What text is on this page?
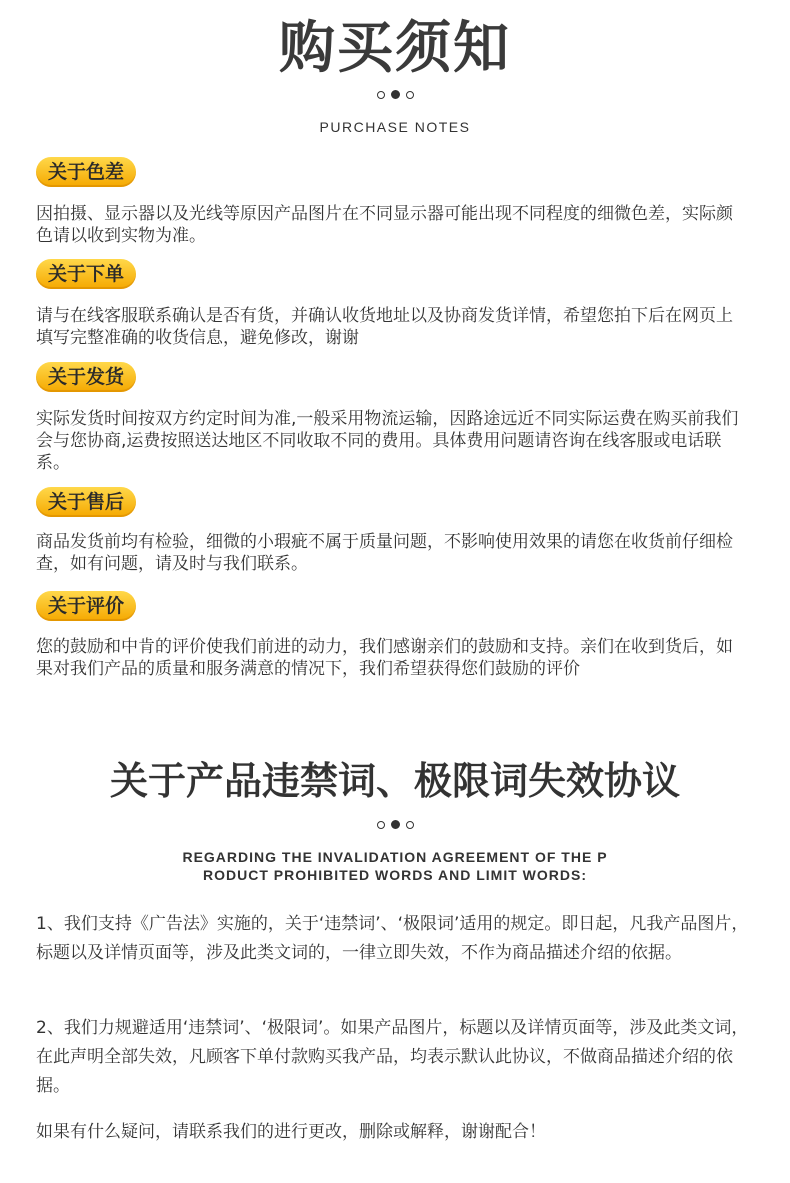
购买须知
PURCHASE NOTES
关于色差
因拍摄、显示器以及光线等原因产品图片在不同显示器可能出现不同程度的细微色差，实际颜色请以收到实物为准。
关于下单
请与在线客服联系确认是否有货，并确认收货地址以及协商发货详情，希望您拍下后在网页上填写完整准确的收货信息，避免修改，谢谢
关于发货
实际发货时间按双方约定时间为准,一般采用物流运输，因路途远近不同实际运费在购买前我们会与您协商,运费按照送达地区不同收取不同的费用。具体费用问题请咨询在线客服或电话联系。
关于售后
商品发货前均有检验，细微的小瑕疵不属于质量问题，不影响使用效果的请您在收货前仔细检查，如有问题，请及时与我们联系。
关于评价
您的鼓励和中肯的评价使我们前进的动力，我们感谢亲们的鼓励和支持。亲们在收到货后，如果对我们产品的质量和服务满意的情况下，我们希望获得您们鼓励的评价
关于产品违禁词、极限词失效协议
REGARDING THE INVALIDATION AGREEMENT OF THE P
RODUCT PROHIBITED WORDS AND LIMIT WORDS:
1、我们支持《广告法》实施的，关于‘违禁词’、‘极限词’适用的规定。即日起，凡我产品图片，标题以及详情页面等，涉及此类文词的，一律立即失效，不作为商品描述介绍的依据。
2、我们力规避适用‘违禁词’、‘极限词’。如果产品图片，标题以及详情页面等，涉及此类文词，在此声明全部失效，凡顾客下单付款购买我产品，均表示默认此协议，不做商品描述介绍的依据。
如果有什么疑问，请联系我们的进行更改，删除或解释，谢谢配合！
